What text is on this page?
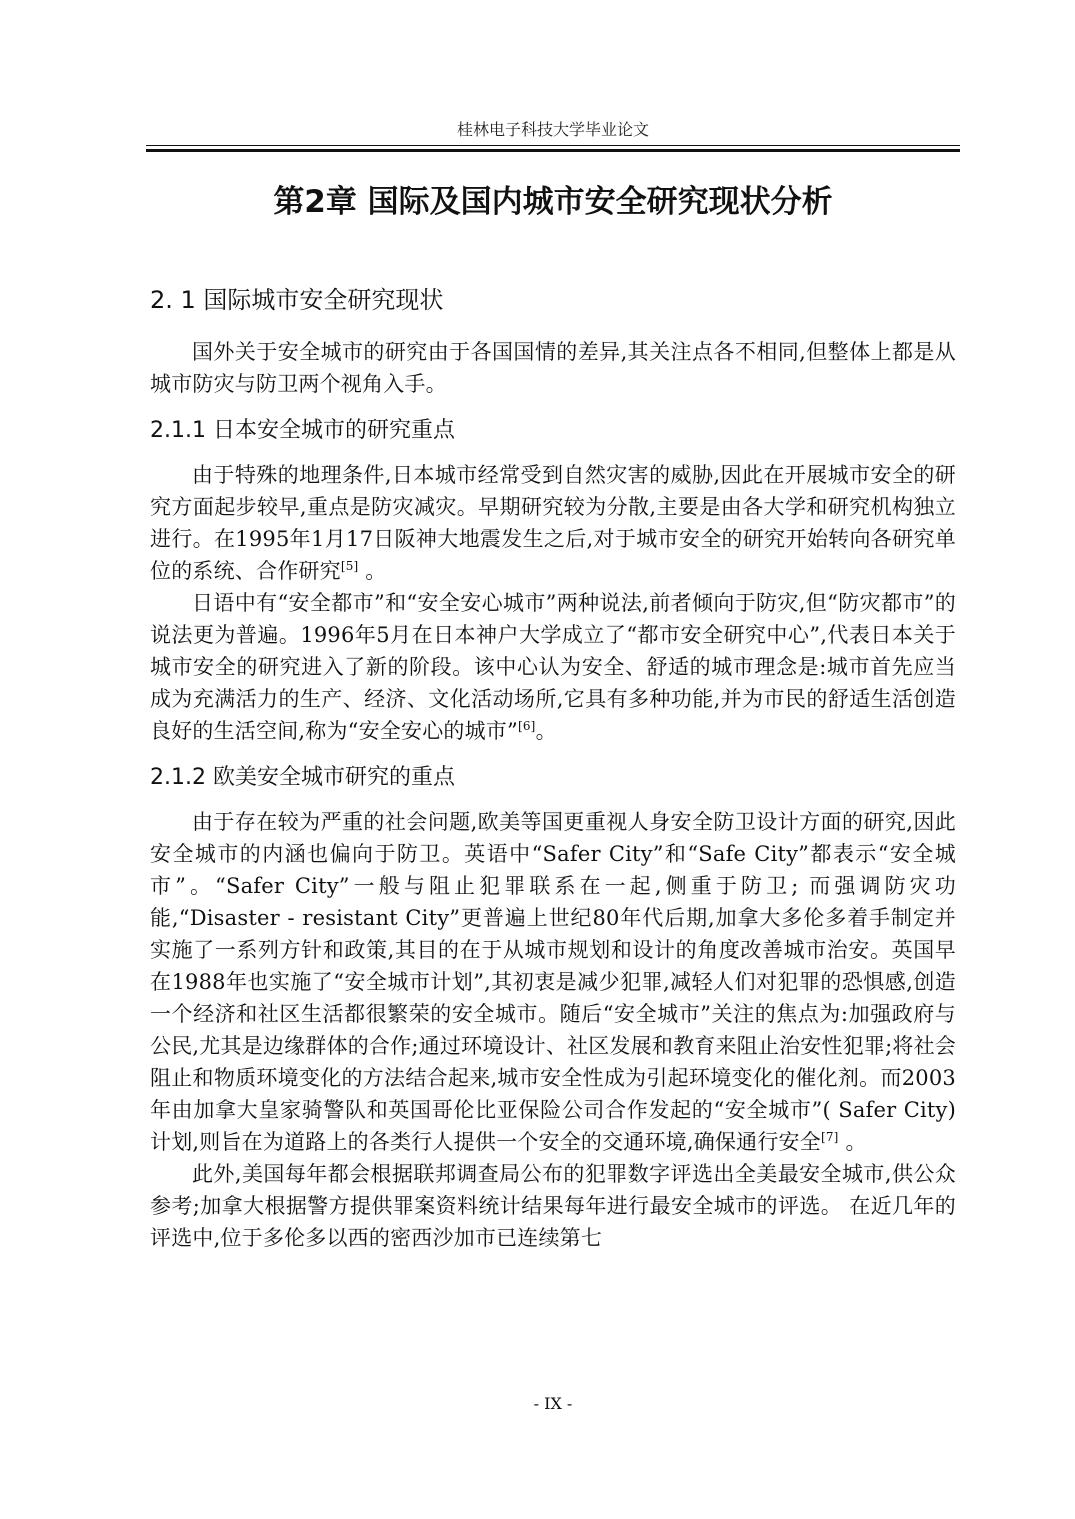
桂林电子科技大学毕业论文
第2章 国际及国内城市安全研究现状分析
2. 1 国际城市安全研究现状

国外关于安全城市的研究由于各国国情的差异,其关注点各不相同,但整体上都是从城市防灾与防卫两个视角入手。

2.1.1 日本安全城市的研究重点

由于特殊的地理条件,日本城市经常受到自然灾害的威胁,因此在开展城市安全的研究方面起步较早,重点是防灾减灾。早期研究较为分散,主要是由各大学和研究机构独立进行。在1995年1月17日阪神大地震发生之后,对于城市安全的研究开始转向各研究单位的系统、合作研究[5] 。

日语中有“安全都市”和“安全安心城市”两种说法,前者倾向于防灾,但“防灾都市”的说法更为普遍。1996年5月在日本神户大学成立了“都市安全研究中心”,代表日本关于城市安全的研究进入了新的阶段。该中心认为安全、舒适的城市理念是:城市首先应当成为充满活力的生产、经济、文化活动场所,它具有多种功能,并为市民的舒适生活创造良好的生活空间,称为“安全安心的城市”[6]。

2.1.2 欧美安全城市研究的重点

由于存在较为严重的社会问题,欧美等国更重视人身安全防卫设计方面的研究,因此安全城市的内涵也偏向于防卫。英语中“Safer City”和“Safe City”都表示“安全城市”。“Safer City”一般与阻止犯罪联系在一起,侧重于防卫; 而强调防灾功能,“Disaster - resistant City”更普遍上世纪80年代后期,加拿大多伦多着手制定并实施了一系列方针和政策,其目的在于从城市规划和设计的角度改善城市治安。英国早在1988年也实施了“安全城市计划”,其初衷是减少犯罪,减轻人们对犯罪的恐惧感,创造一个经济和社区生活都很繁荣的安全城市。随后“安全城市”关注的焦点为:加强政府与公民,尤其是边缘群体的合作;通过环境设计、社区发展和教育来阻止治安性犯罪;将社会阻止和物质环境变化的方法结合起来,城市安全性成为引起环境变化的催化剂。而2003年由加拿大皇家骑警队和英国哥伦比亚保险公司合作发起的“安全城市”( Safer City)计划,则旨在为道路上的各类行人提供一个安全的交通环境,确保通行安全[7] 。

此外,美国每年都会根据联邦调查局公布的犯罪数字评选出全美最安全城市,供公众参考;加拿大根据警方提供罪案资料统计结果每年进行最安全城市的评选。 在近几年的评选中,位于多伦多以西的密西沙加市已连续第七

- IX -
